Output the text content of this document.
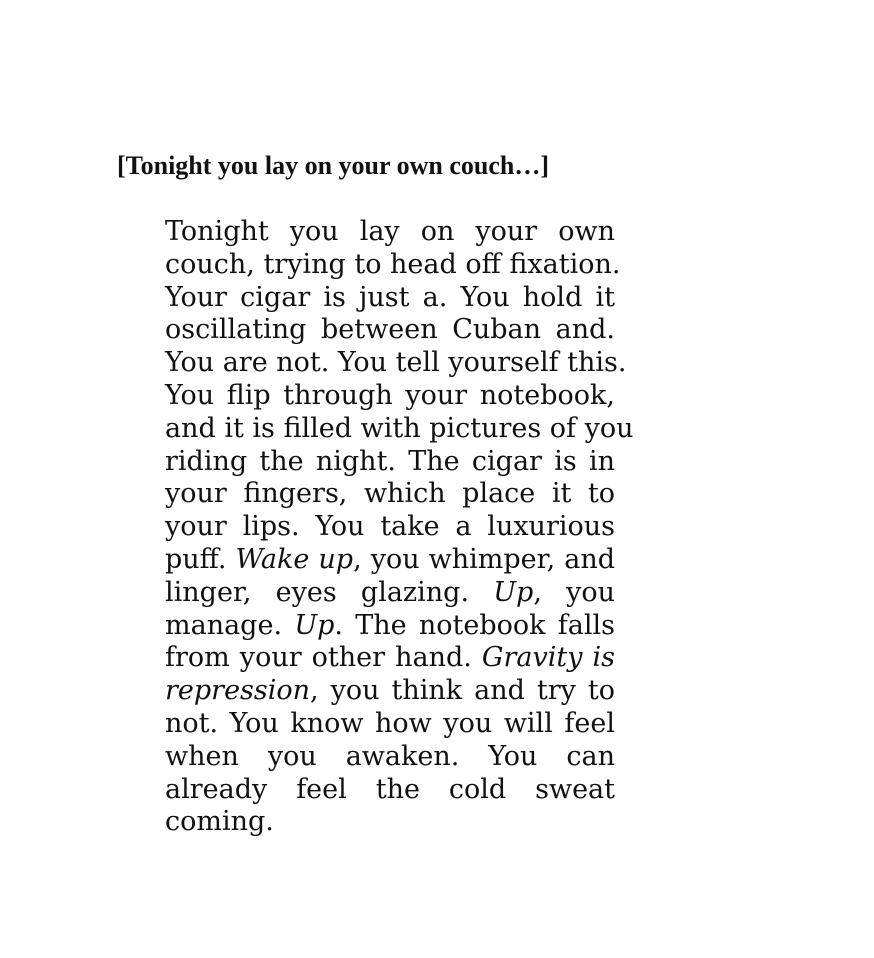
[Tonight you lay on your own couch…]
Tonight you lay on your own
couch, trying to head off fixation.
Your cigar is just a. You hold it
oscillating between Cuban and.
You are not. You tell yourself this.
You flip through your notebook,
and it is filled with pictures of you
riding the night. The cigar is in
your fingers, which place it to
your lips. You take a luxurious
puff. Wake up, you whimper, and
linger, eyes glazing. Up, you
manage. Up. The notebook falls
from your other hand. Gravity is
repression, you think and try to
not. You know how you will feel
when you awaken. You can
already feel the cold sweat
coming.
